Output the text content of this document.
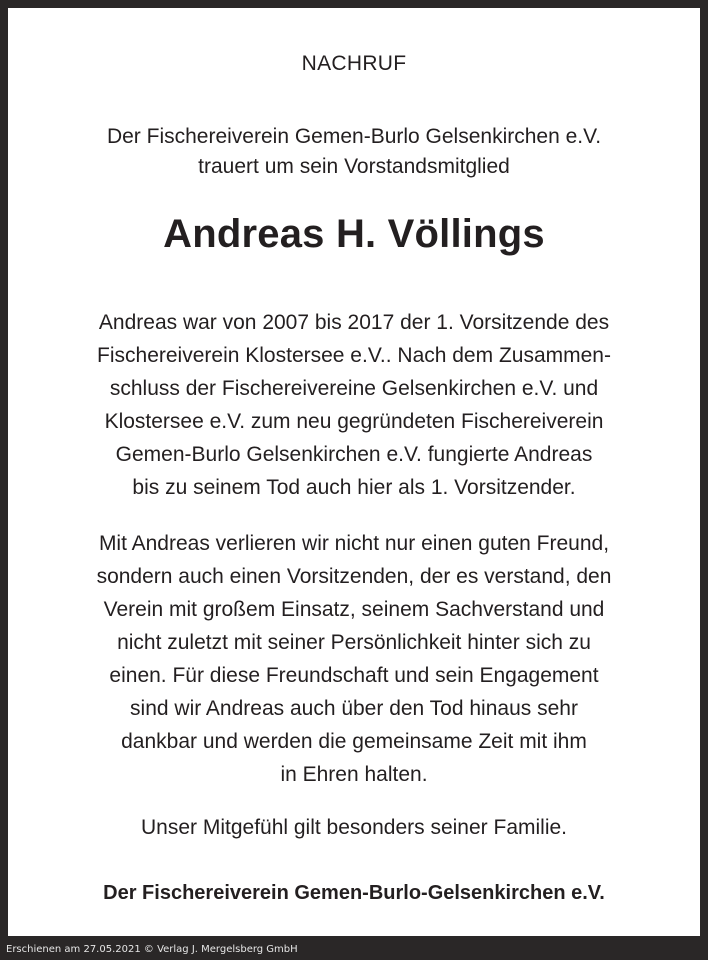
NACHRUF
Der Fischereiverein Gemen-Burlo Gelsenkirchen e.V.
trauert um sein Vorstandsmitglied
Andreas H. Völlings
Andreas war von 2007 bis 2017 der 1. Vorsitzende des
Fischereiverein Klostersee e.V.. Nach dem Zusammen-
schluss der Fischereivereine Gelsenkirchen e.V. und
Klostersee e.V. zum neu gegründeten Fischereiverein
Gemen-Burlo Gelsenkirchen e.V. fungierte Andreas
bis zu seinem Tod auch hier als 1. Vorsitzender.
Mit Andreas verlieren wir nicht nur einen guten Freund,
sondern auch einen Vorsitzenden, der es verstand, den
Verein mit großem Einsatz, seinem Sachverstand und
nicht zuletzt mit seiner Persönlichkeit hinter sich zu
einen. Für diese Freundschaft und sein Engagement
sind wir Andreas auch über den Tod hinaus sehr
dankbar und werden die gemeinsame Zeit mit ihm
in Ehren halten.
Unser Mitgefühl gilt besonders seiner Familie.
Der Fischereiverein Gemen-Burlo-Gelsenkirchen e.V.
Erschienen am 27.05.2021 © Verlag J. Mergelsberg GmbH
